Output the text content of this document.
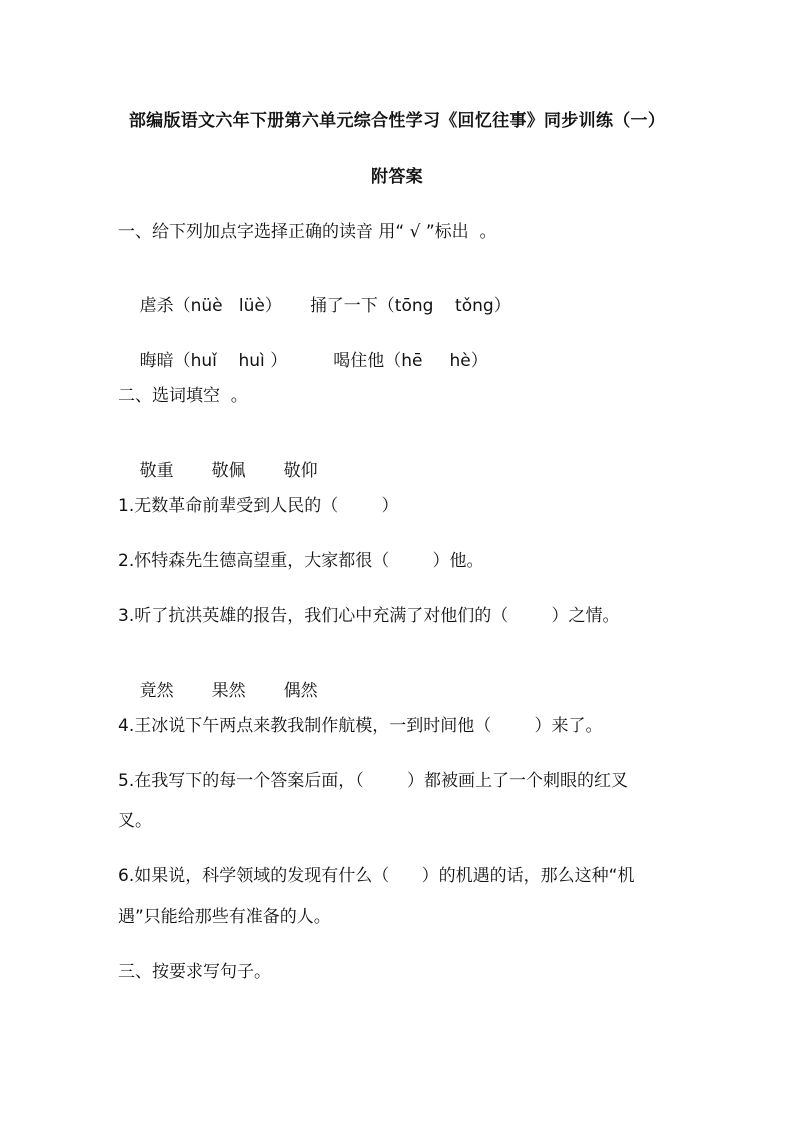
部编版语文六年下册第六单元综合性学习《回忆往事》同步训练（一）
附答案
一、给下列加点字选择正确的读音 用“ √ ”标出  。

虐杀（nüè   lüè） 捅了一下（tōng    tǒng）

晦暗（huǐ    huì ）	喝住他（hē     hè）

二、选词填空  。

敬重 敬佩 敬仰

1.无数革命前辈受到人民的（        ）
2.怀特森先生德高望重，大家都很（        ）他。
3.听了抗洪英雄的报告，我们心中充满了对他们的（        ）之情。

竟然 果然 偶然

4.王冰说下午两点来教我制作航模，一到时间他（        ）来了。
5.在我写下的每一个答案后面，（        ）都被画上了一个刺眼的红叉
叉。
6.如果说，科学领域的发现有什么（      ）的机遇的话，那么这种“机
遇”只能给那些有准备的人。
三、按要求写句子。
